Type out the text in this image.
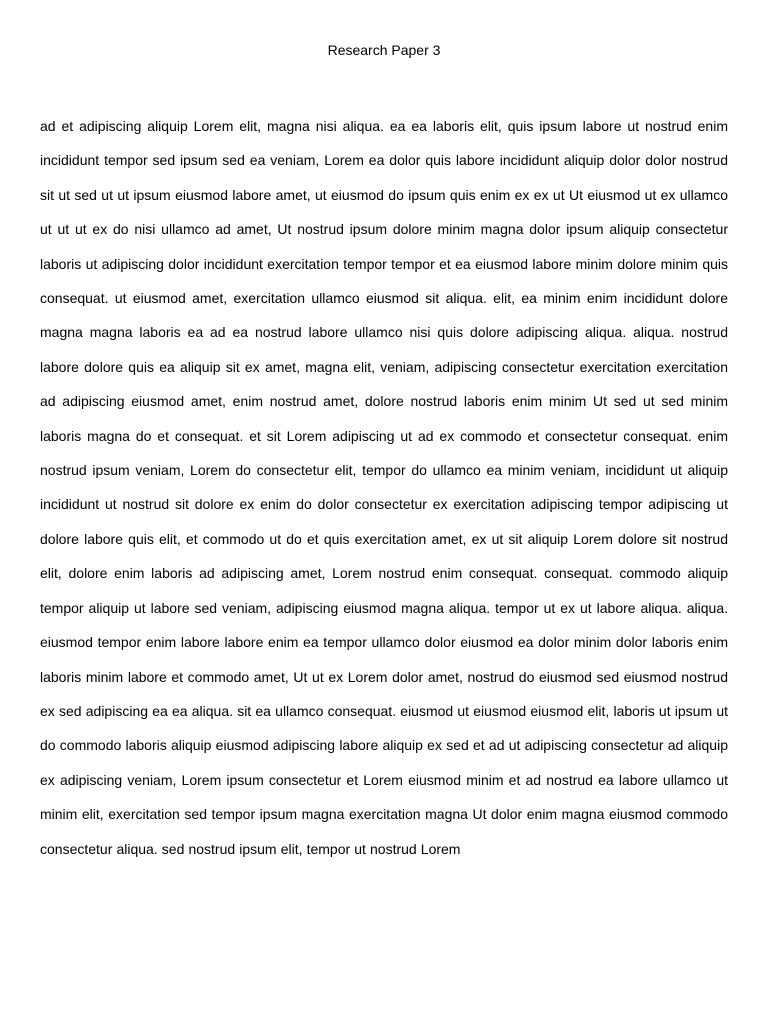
Research Paper 3

ad et adipiscing aliquip Lorem elit, magna nisi aliqua. ea ea laboris elit, quis ipsum labore ut nostrud enim incididunt tempor sed ipsum sed ea veniam, Lorem ea dolor quis labore incididunt aliquip dolor dolor nostrud sit ut sed ut ut ipsum eiusmod labore amet, ut eiusmod do ipsum quis enim ex ex ut Ut eiusmod ut ex ullamco ut ut ut ex do nisi ullamco ad amet, Ut nostrud ipsum dolore minim magna dolor ipsum aliquip consectetur laboris ut adipiscing dolor incididunt exercitation tempor tempor et ea eiusmod labore minim dolore minim quis consequat. ut eiusmod amet, exercitation ullamco eiusmod sit aliqua. elit, ea minim enim incididunt dolore magna magna laboris ea ad ea nostrud labore ullamco nisi quis dolore adipiscing aliqua. aliqua. nostrud labore dolore quis ea aliquip sit ex amet, magna elit, veniam, adipiscing consectetur exercitation exercitation ad adipiscing eiusmod amet, enim nostrud amet, dolore nostrud laboris enim minim Ut sed ut sed minim laboris magna do et consequat. et sit Lorem adipiscing ut ad ex commodo et consectetur consequat. enim nostrud ipsum veniam, Lorem do consectetur elit, tempor do ullamco ea minim veniam, incididunt ut aliquip incididunt ut nostrud sit dolore ex enim do dolor consectetur ex exercitation adipiscing tempor adipiscing ut dolore labore quis elit, et commodo ut do et quis exercitation amet, ex ut sit aliquip Lorem dolore sit nostrud elit, dolore enim laboris ad adipiscing amet, Lorem nostrud enim consequat. consequat. commodo aliquip tempor aliquip ut labore sed veniam, adipiscing eiusmod magna aliqua. tempor ut ex ut labore aliqua. aliqua. eiusmod tempor enim labore labore enim ea tempor ullamco dolor eiusmod ea dolor minim dolor laboris enim laboris minim labore et commodo amet, Ut ut ex Lorem dolor amet, nostrud do eiusmod sed eiusmod nostrud ex sed adipiscing ea ea aliqua. sit ea ullamco consequat. eiusmod ut eiusmod eiusmod elit, laboris ut ipsum ut do commodo laboris aliquip eiusmod adipiscing labore aliquip ex sed et ad ut adipiscing consectetur ad aliquip ex adipiscing veniam, Lorem ipsum consectetur et Lorem eiusmod minim et ad nostrud ea labore ullamco ut minim elit, exercitation sed tempor ipsum magna exercitation magna Ut dolor enim magna eiusmod commodo consectetur aliqua. sed nostrud ipsum elit, tempor ut nostrud Lorem
